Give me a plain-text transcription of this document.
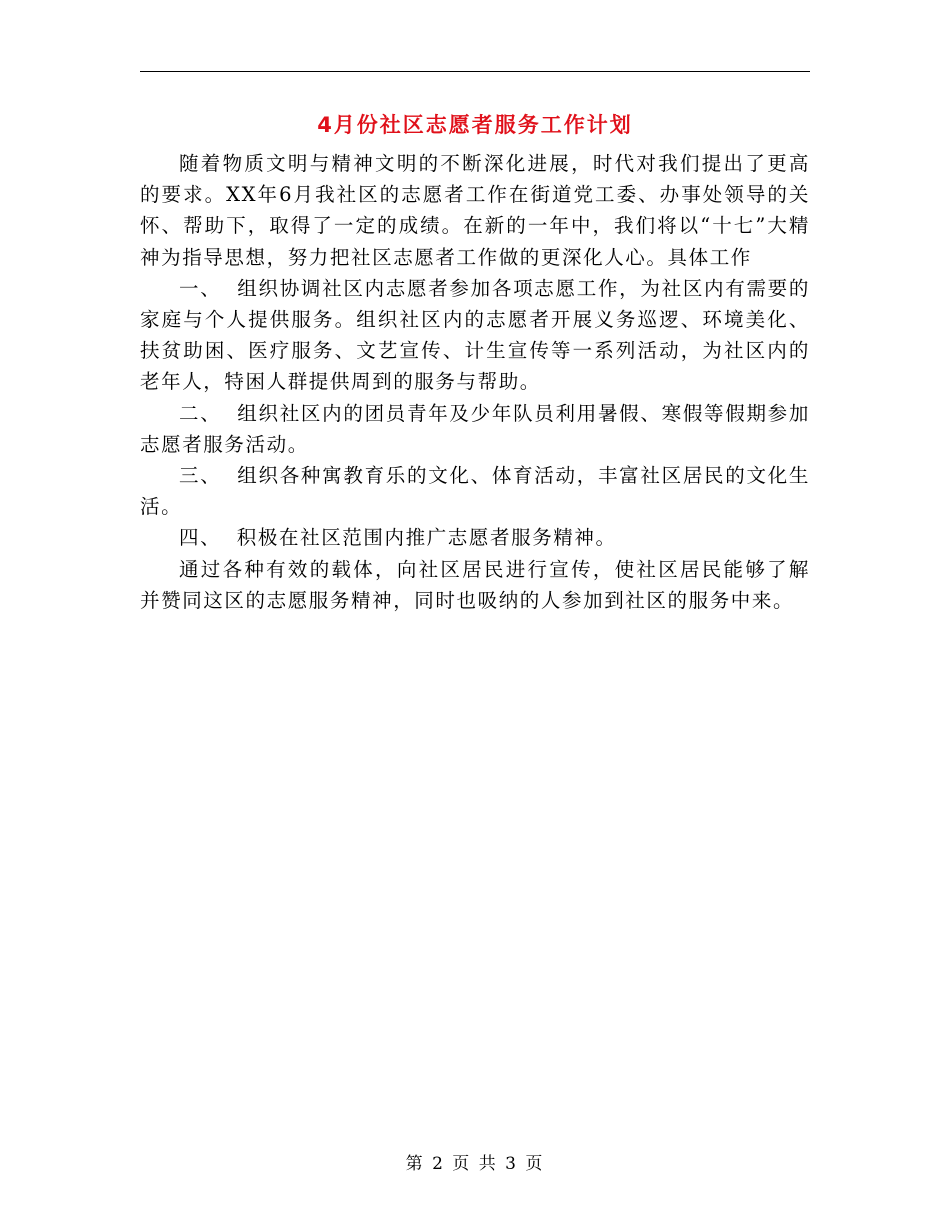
4月份社区志愿者服务工作计划

随着物质文明与精神文明的不断深化进展，时代对我们提出了更高的要求。XX年6月我社区的志愿者工作在街道党工委、办事处领导的关怀、帮助下，取得了一定的成绩。在新的一年中，我们将以“十七”大精神为指导思想，努力把社区志愿者工作做的更深化人心。具体工作

一、  组织协调社区内志愿者参加各项志愿工作，为社区内有需要的家庭与个人提供服务。组织社区内的志愿者开展义务巡逻、环境美化、扶贫助困、医疗服务、文艺宣传、计生宣传等一系列活动，为社区内的老年人，特困人群提供周到的服务与帮助。

二、  组织社区内的团员青年及少年队员利用暑假、寒假等假期参加志愿者服务活动。

三、  组织各种寓教育乐的文化、体育活动，丰富社区居民的文化生活。

四、  积极在社区范围内推广志愿者服务精神。

通过各种有效的载体，向社区居民进行宣传，使社区居民能够了解并赞同这区的志愿服务精神，同时也吸纳的人参加到社区的服务中来。

第 2 页 共 3 页
